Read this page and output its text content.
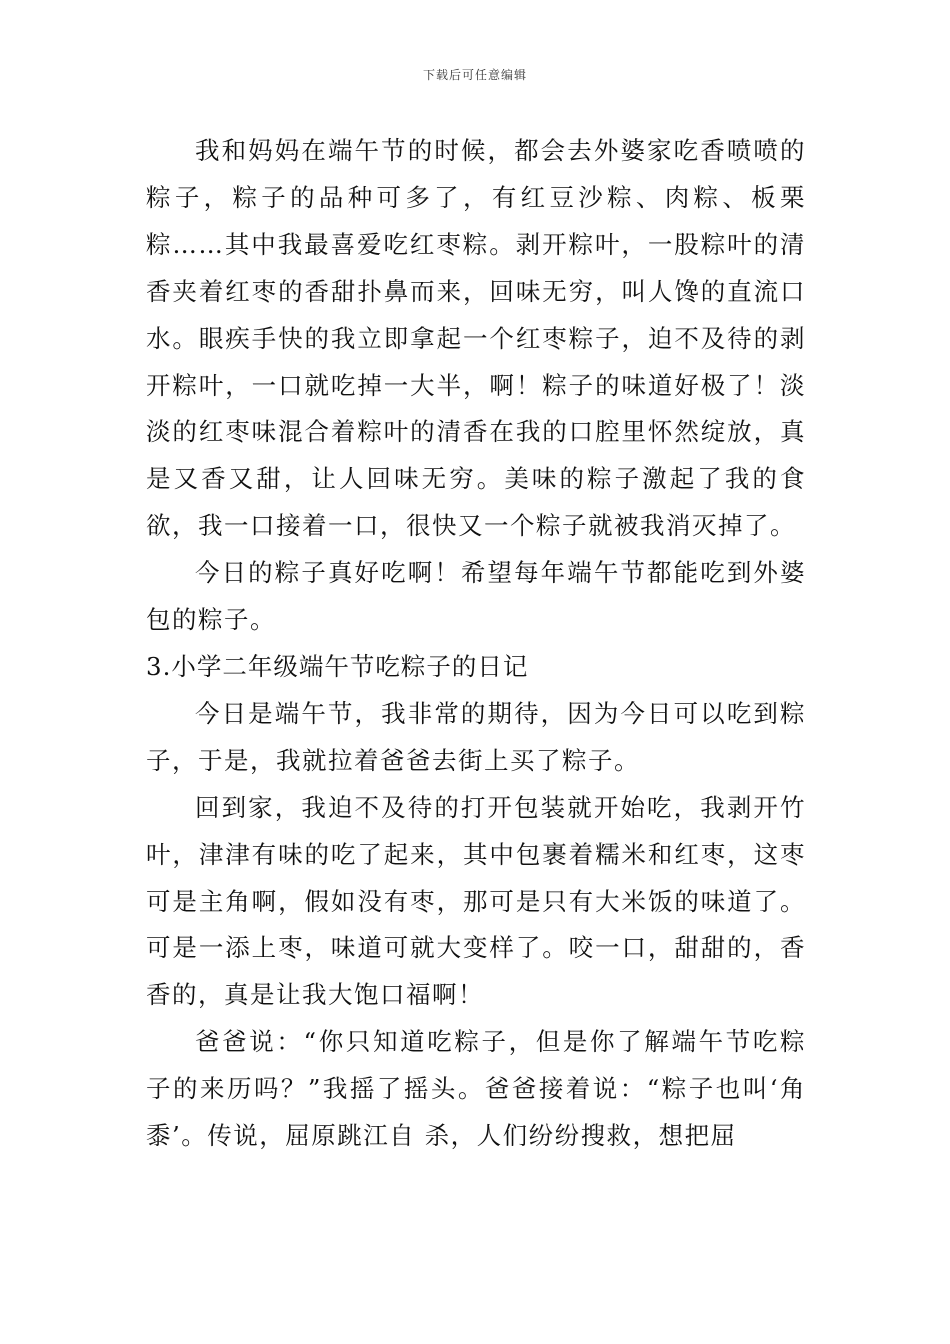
下载后可任意编辑

我和妈妈在端午节的时候，都会去外婆家吃香喷喷的粽子，粽子的品种可多了，有红豆沙粽、肉粽、板栗粽……其中我最喜爱吃红枣粽。剥开粽叶，一股粽叶的清香夹着红枣的香甜扑鼻而来，回味无穷，叫人馋的直流口水。眼疾手快的我立即拿起一个红枣粽子，迫不及待的剥开粽叶，一口就吃掉一大半，啊！粽子的味道好极了！淡淡的红枣味混合着粽叶的清香在我的口腔里怀然绽放，真是又香又甜，让人回味无穷。美味的粽子激起了我的食欲，我一口接着一口，很快又一个粽子就被我消灭掉了。

今日的粽子真好吃啊！希望每年端午节都能吃到外婆包的粽子。

3.小学二年级端午节吃粽子的日记

今日是端午节，我非常的期待，因为今日可以吃到粽子，于是，我就拉着爸爸去街上买了粽子。

回到家，我迫不及待的打开包装就开始吃，我剥开竹叶，津津有味的吃了起来，其中包裹着糯米和红枣，这枣可是主角啊，假如没有枣，那可是只有大米饭的味道了。可是一添上枣，味道可就大变样了。咬一口，甜甜的，香香的，真是让我大饱口福啊！

爸爸说：“你只知道吃粽子，但是你了解端午节吃粽子的来历吗？”我摇了摇头。爸爸接着说：“粽子也叫‘角黍’。传说，屈原跳江自 杀，人们纷纷搜救，想把屈
